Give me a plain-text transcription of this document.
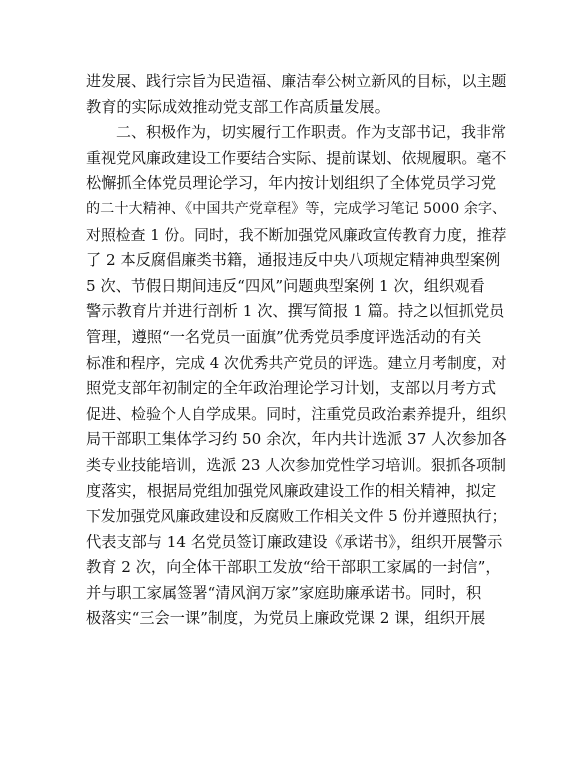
进发展、践行宗旨为民造福、廉洁奉公树立新风的目标，以主题
教育的实际成效推动党支部工作高质量发展。
二、积极作为，切实履行工作职责。作为支部书记，我非常
重视党风廉政建设工作要结合实际、提前谋划、依规履职。毫不
松懈抓全体党员理论学习，年内按计划组织了全体党员学习党
的二十大精神、《中国共产党章程》等，完成学习笔记 5000 余字、
对照检查 1 份。同时，我不断加强党风廉政宣传教育力度，推荐
了 2 本反腐倡廉类书籍，通报违反中央八项规定精神典型案例
5 次、节假日期间违反“四风”问题典型案例 1 次，组织观看
警示教育片并进行剖析 1 次、撰写简报 1 篇。持之以恒抓党员
管理，遵照“一名党员一面旗”优秀党员季度评选活动的有关
标准和程序，完成 4 次优秀共产党员的评选。建立月考制度，对
照党支部年初制定的全年政治理论学习计划，支部以月考方式
促进、检验个人自学成果。同时，注重党员政治素养提升，组织
局干部职工集体学习约 50 余次，年内共计选派 37 人次参加各
类专业技能培训，选派 23 人次参加党性学习培训。狠抓各项制
度落实，根据局党组加强党风廉政建设工作的相关精神，拟定
下发加强党风廉政建设和反腐败工作相关文件 5 份并遵照执行；
代表支部与 14 名党员签订廉政建设《承诺书》，组织开展警示
教育 2 次，向全体干部职工发放“给干部职工家属的一封信”，
并与职工家属签署“清风润万家”家庭助廉承诺书。同时，积
极落实“三会一课”制度，为党员上廉政党课 2 课，组织开展
